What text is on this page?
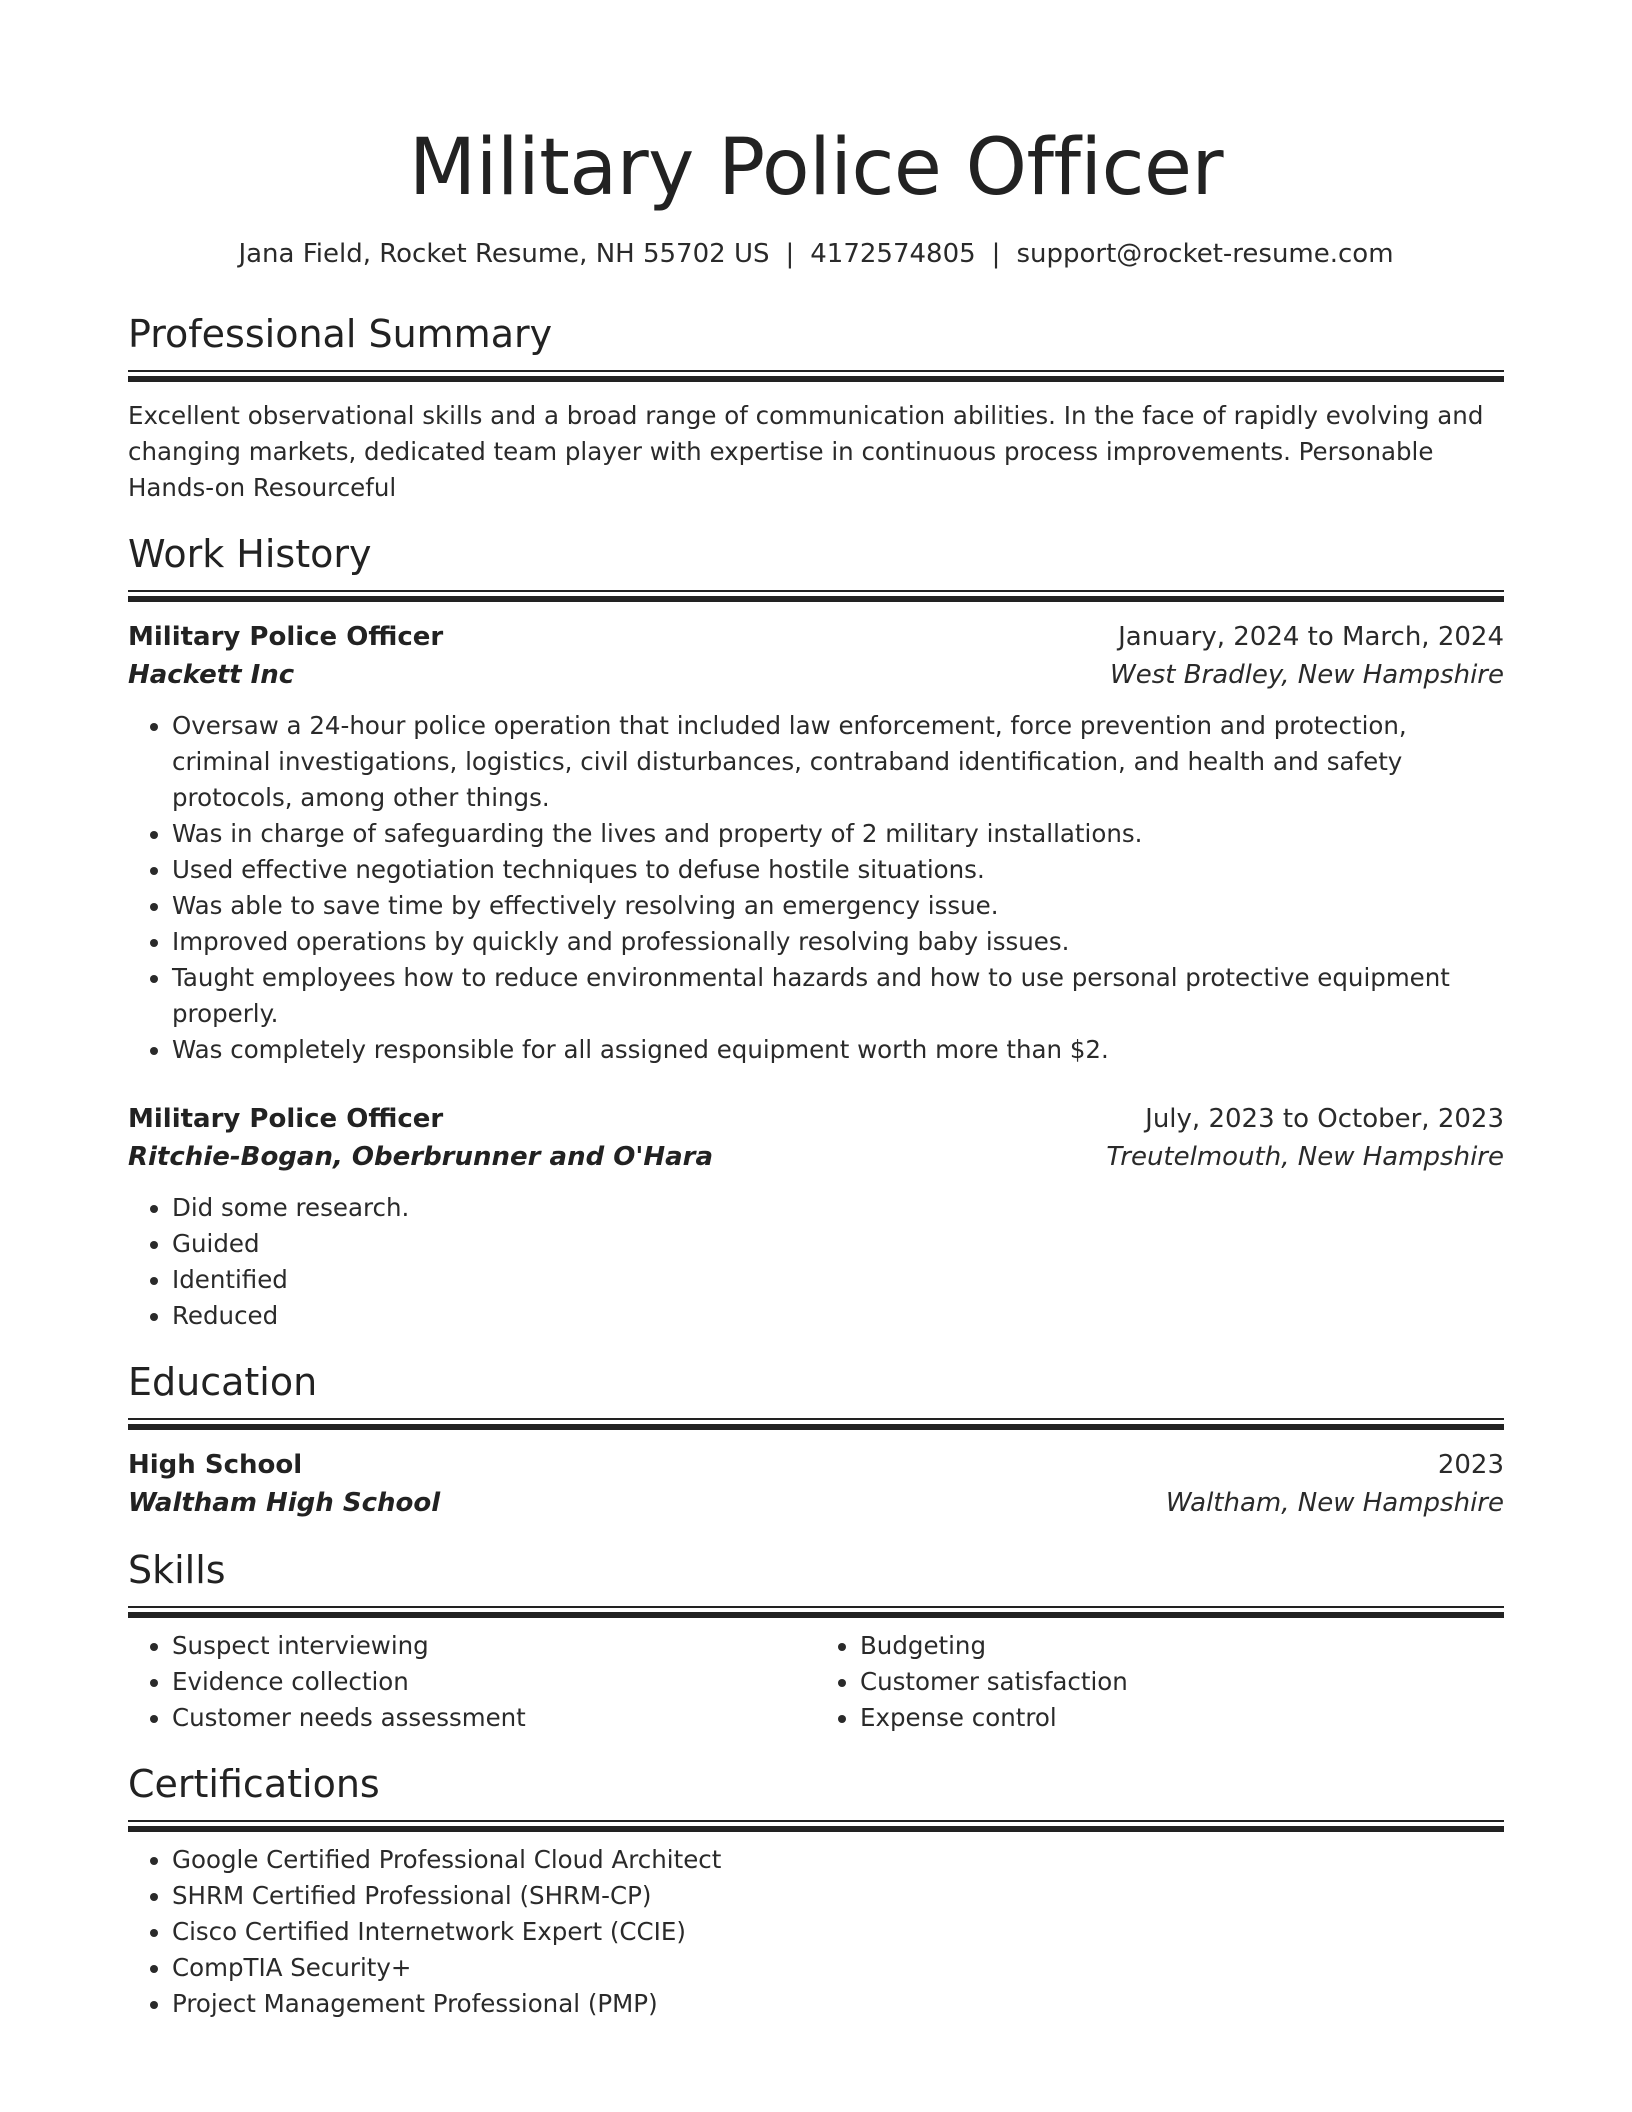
Military Police Officer
Jana Field, Rocket Resume, NH 55702 US | 4172574805 | support@rocket-resume.com
Professional Summary

Excellent observational skills and a broad range of communication abilities. In the face of rapidly evolving and changing markets, dedicated team player with expertise in continuous process improvements. Personable Hands-on Resourceful

Work History
Military Police Officer	January, 2024 to March, 2024
Hackett Inc	West Bradley, New Hampshire
• Oversaw a 24-hour police operation that included law enforcement, force prevention and protection, criminal investigations, logistics, civil disturbances, contraband identification, and health and safety protocols, among other things.
• Was in charge of safeguarding the lives and property of 2 military installations.
• Used effective negotiation techniques to defuse hostile situations.
• Was able to save time by effectively resolving an emergency issue.
• Improved operations by quickly and professionally resolving baby issues.
• Taught employees how to reduce environmental hazards and how to use personal protective equipment properly.
• Was completely responsible for all assigned equipment worth more than $2.
Military Police Officer	July, 2023 to October, 2023
Ritchie-Bogan, Oberbrunner and O'Hara	Treutelmouth, New Hampshire
• Did some research.
• Guided
• Identified
• Reduced
Education
High School	2023
Waltham High School	Waltham, New Hampshire
Skills
• Suspect interviewing
• Evidence collection
• Customer needs assessment
• Budgeting
• Customer satisfaction
• Expense control
Certifications
• Google Certified Professional Cloud Architect
• SHRM Certified Professional (SHRM-CP)
• Cisco Certified Internetwork Expert (CCIE)
• CompTIA Security+
• Project Management Professional (PMP)
